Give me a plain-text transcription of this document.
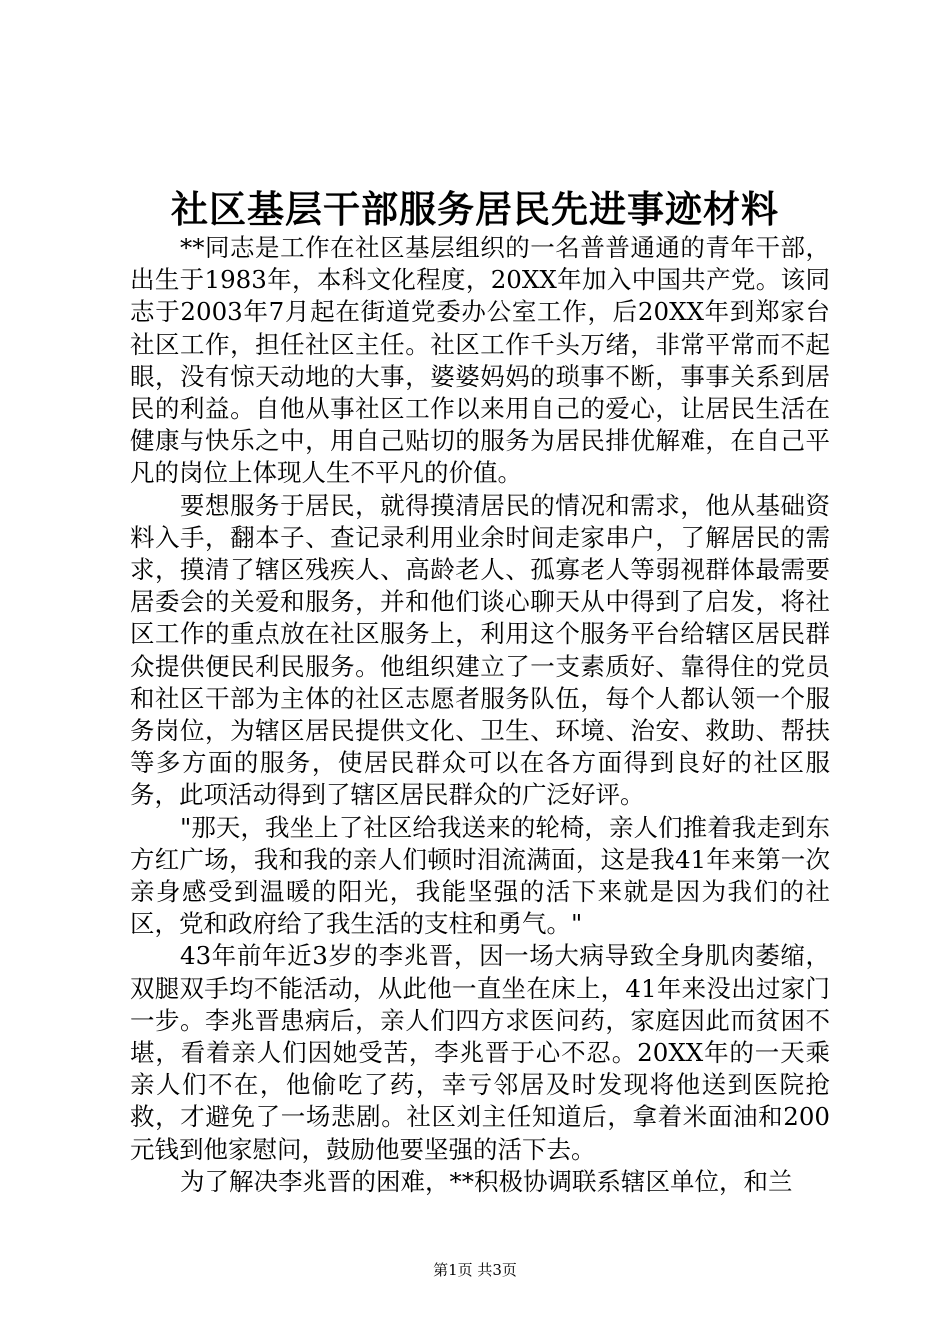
社区基层干部服务居民先进事迹材料

**同志是工作在社区基层组织的一名普普通通的青年干部，出生于1983年，本科文化程度，20XX年加入中国共产党。该同志于2003年7月起在街道党委办公室工作，后20XX年到郑家台社区工作，担任社区主任。社区工作千头万绪，非常平常而不起眼，没有惊天动地的大事，婆婆妈妈的琐事不断，事事关系到居民的利益。自他从事社区工作以来用自己的爱心，让居民生活在健康与快乐之中，用自己贴切的服务为居民排优解难，在自己平凡的岗位上体现人生不平凡的价值。

要想服务于居民，就得摸清居民的情况和需求，他从基础资料入手，翻本子、查记录利用业余时间走家串户，了解居民的需求，摸清了辖区残疾人、高龄老人、孤寡老人等弱视群体最需要居委会的关爱和服务，并和他们谈心聊天从中得到了启发，将社区工作的重点放在社区服务上，利用这个服务平台给辖区居民群众提供便民利民服务。他组织建立了一支素质好、靠得住的党员和社区干部为主体的社区志愿者服务队伍，每个人都认领一个服务岗位，为辖区居民提供文化、卫生、环境、治安、救助、帮扶等多方面的服务，使居民群众可以在各方面得到良好的社区服务，此项活动得到了辖区居民群众的广泛好评。

"那天，我坐上了社区给我送来的轮椅，亲人们推着我走到东方红广场，我和我的亲人们顿时泪流满面，这是我41年来第一次亲身感受到温暖的阳光，我能坚强的活下来就是因为我们的社区，党和政府给了我生活的支柱和勇气。"

43年前年近3岁的李兆晋，因一场大病导致全身肌肉萎缩，双腿双手均不能活动，从此他一直坐在床上，41年来没出过家门一步。李兆晋患病后，亲人们四方求医问药，家庭因此而贫困不堪，看着亲人们因她受苦，李兆晋于心不忍。20XX年的一天乘亲人们不在，他偷吃了药，幸亏邻居及时发现将他送到医院抢救，才避免了一场悲剧。社区刘主任知道后，拿着米面油和200元钱到他家慰问，鼓励他要坚强的活下去。

为了解决李兆晋的困难，**积极协调联系辖区单位，和兰

第1页 共3页
